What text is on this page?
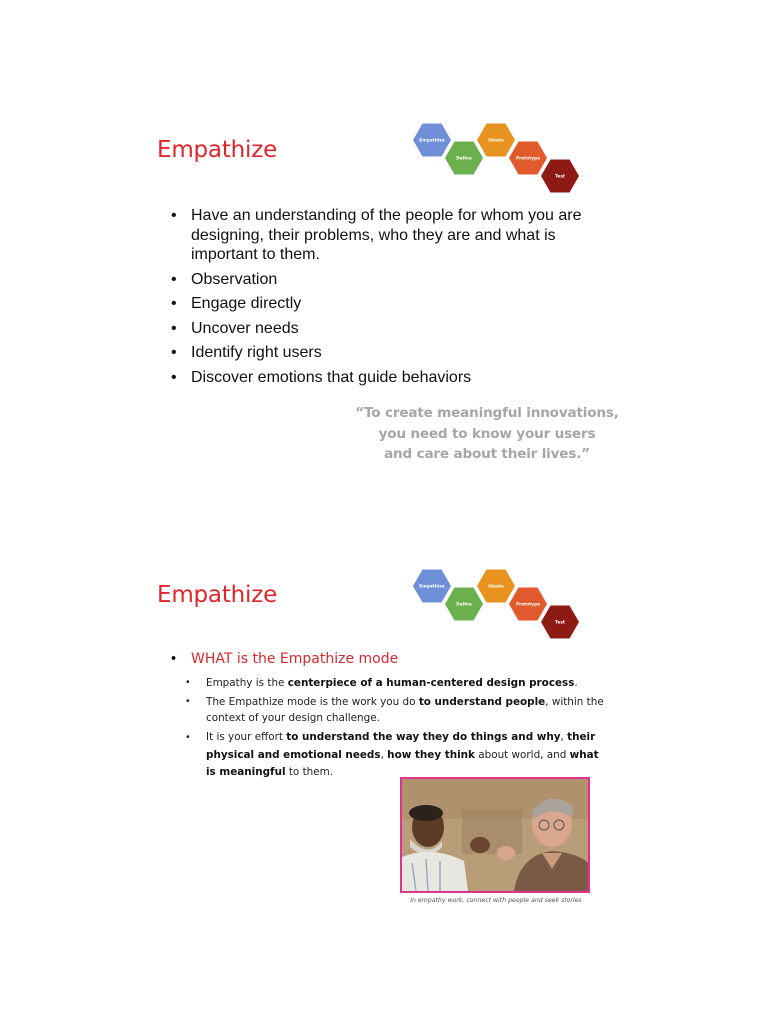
Empathize	Empathize
Define
Ideate
Prototype
Test
• Have an understanding of the people for whom you are designing, their problems, who they are and what is important to them.
• Observation
• Engage directly
• Uncover needs
• Identify right users
• Discover emotions that guide behaviors
“To create meaningful innovations,
you need to know your users
and care about their lives.”
Empathize	Empathize
Define
Ideate
Prototype
Test
• WHAT is the Empathize mode
• Empathy is the centerpiece of a human-centered design process.
• The Empathize mode is the work you do to understand people, within the context of your design challenge.
• It is your effort to understand the way they do things and why, their physical and emotional needs, how they think about world, and what is meaningful to them.
In empathy work, connect with people and seek stories
